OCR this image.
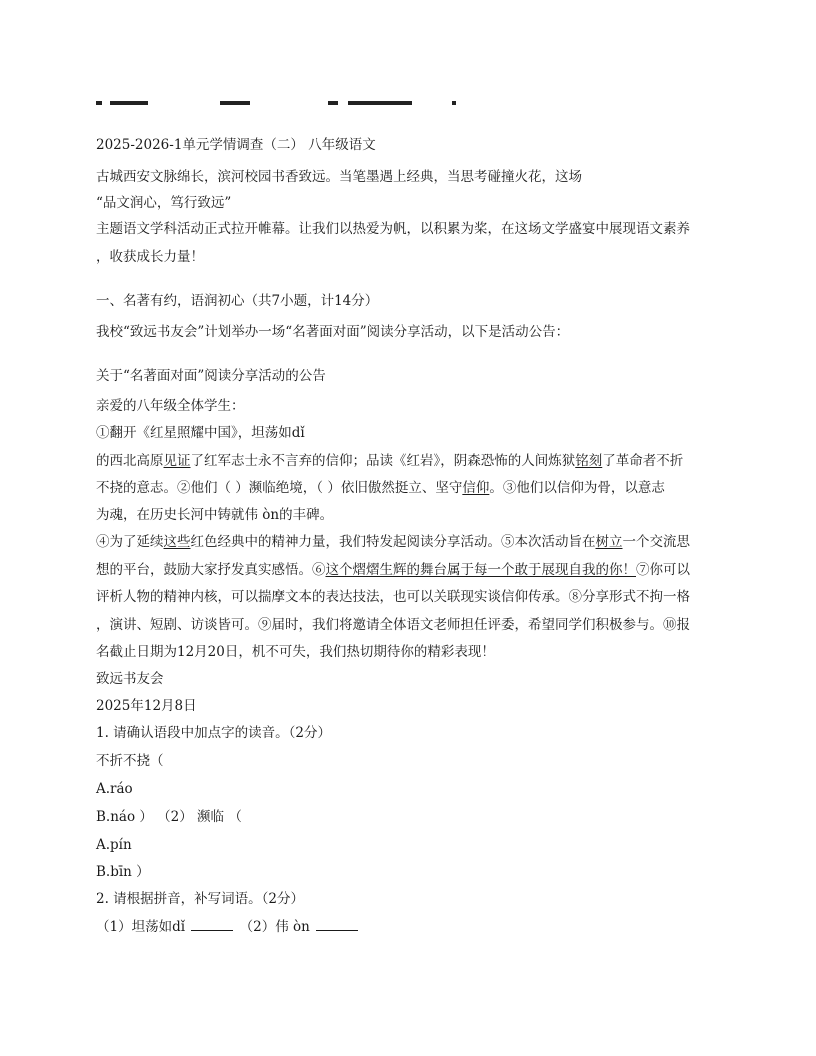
2025-2026-1单元学情调查（二） 八年级语文
古城西安文脉绵长，滨河校园书香致远。当笔墨遇上经典，当思考碰撞火花，这场
“品文润心，笃行致远”
主题语文学科活动正式拉开帷幕。让我们以热爱为帆，以积累为桨，在这场文学盛宴中展现语文素养
，收获成长力量！
一、名著有约，语润初心（共7小题，计14分）
我校“致远书友会”计划举办一场“名著面对面”阅读分享活动，以下是活动公告：
关于“名著面对面”阅读分享活动的公告
亲爱的八年级全体学生：
①翻开《红星照耀中国》，坦荡如dǐ
的西北高原见证了红军志士永不言弃的信仰；品读《红岩》，阴森恐怖的人间炼狱铭刻了革命者不折
不挠的意志。②他们（ ）濒临绝境，（ ）依旧傲然挺立、坚守信仰。③他们以信仰为骨，以意志
为魂，在历史长河中铸就伟 òn的丰碑。
④为了延续这些红色经典中的精神力量，我们特发起阅读分享活动。⑤本次活动旨在树立一个交流思
想的平台，鼓励大家抒发真实感悟。⑥这个熠熠生辉的舞台属于每一个敢于展现自我的你！⑦你可以
评析人物的精神内核，可以揣摩文本的表达技法，也可以关联现实谈信仰传承。⑧分享形式不拘一格
，演讲、短剧、访谈皆可。⑨届时，我们将邀请全体语文老师担任评委，希望同学们积极参与。⑩报
名截止日期为12月20日，机不可失，我们热切期待你的精彩表现！
致远书友会
2025年12月8日
1. 请确认语段中加点字的读音。（2分）
不折不挠（
A.ráo
B.náo ） （2） 濒临 （
A.pín
B.bīn ）
2. 请根据拼音，补写词语。（2分）
（1）坦荡如dǐ	（2）伟 òn
